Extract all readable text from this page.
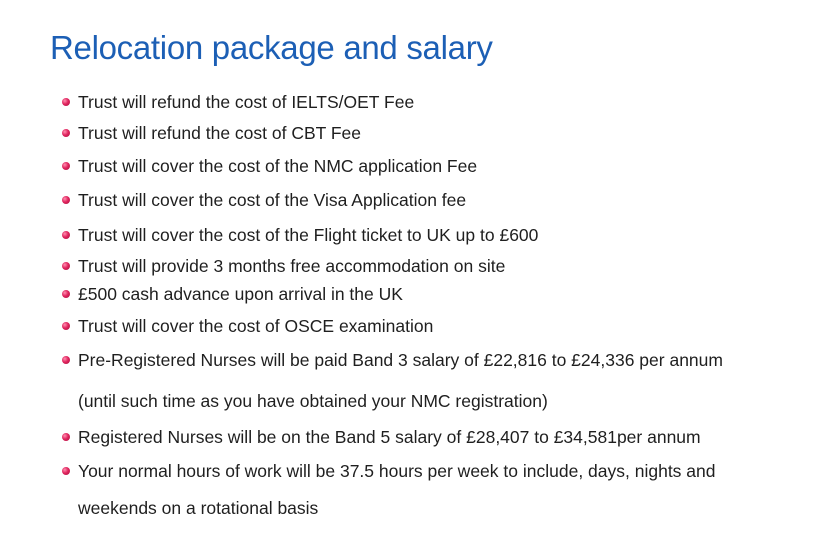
Relocation package and salary
Trust will refund the cost of IELTS/OET Fee
Trust will refund the cost of CBT Fee
Trust will cover the cost of the NMC application Fee
Trust will cover the cost of the Visa Application fee
Trust will cover the cost of the Flight ticket to UK up to £600
Trust will provide 3 months free accommodation on site
£500 cash advance upon arrival in the UK
Trust will cover the cost of OSCE examination
Pre-Registered Nurses will be paid Band 3 salary of £22,816 to £24,336 per annum
(until such time as you have obtained your NMC registration)
Registered Nurses will be on the Band 5 salary of £28,407 to £34,581per annum
Your normal hours of work will be 37.5 hours per week to include, days, nights and
weekends on a rotational basis
